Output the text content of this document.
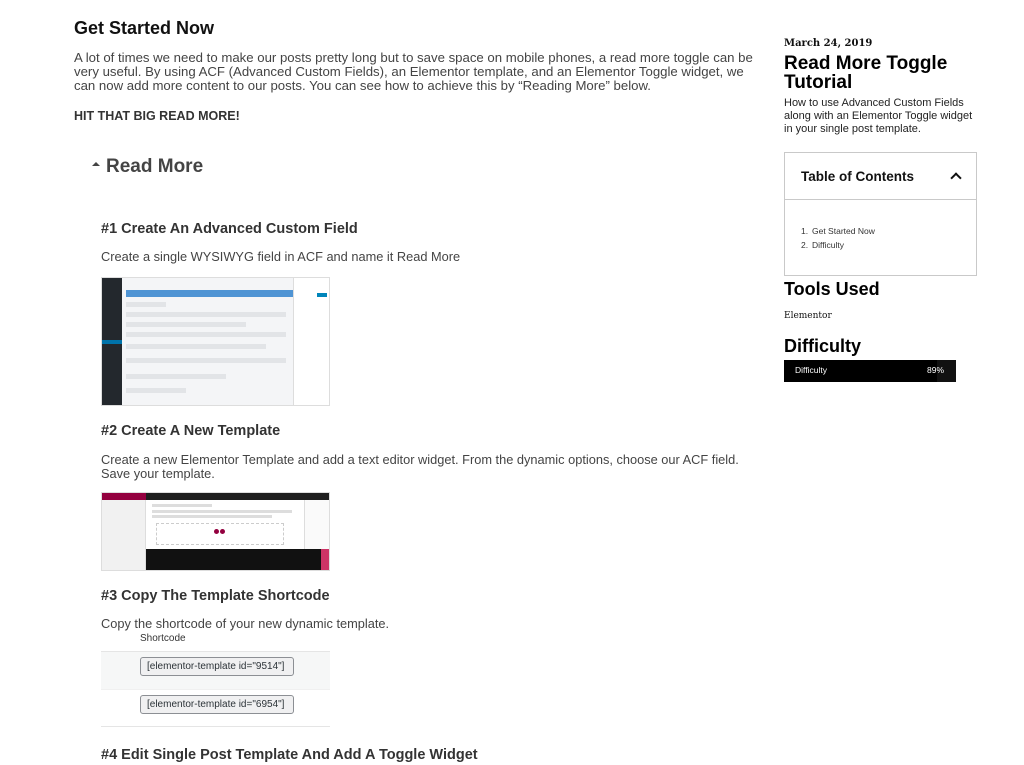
Get Started Now

A lot of times we need to make our posts pretty long but to save space on mobile phones, a read more toggle can be very useful. By using ACF (Advanced Custom Fields), an Elementor template, and an Elementor Toggle widget, we can now add more content to our posts. You can see how to achieve this by “Reading More” below.

HIT THAT BIG READ MORE!

Read More
#1 Create An Advanced Custom Field

Create a single WYSIWYG field in ACF and name it Read More

#2 Create A New Template

Create a new Elementor Template and add a text editor widget. From the dynamic options, choose our ACF field. Save your template.

#3 Copy The Template Shortcode

Copy the shortcode of your new dynamic template.

Shortcode
[elementor-template id="9514"]
[elementor-template id="6954"]
#4 Edit Single Post Template And Add A Toggle Widget
March 24, 2019
Read More Toggle Tutorial

How to use Advanced Custom Fields along with an Elementor Toggle widget in your single post template.

Table of Contents
1. Get Started Now
2. Difficulty
Tools Used
Elementor
Difficulty
Difficulty	89%
